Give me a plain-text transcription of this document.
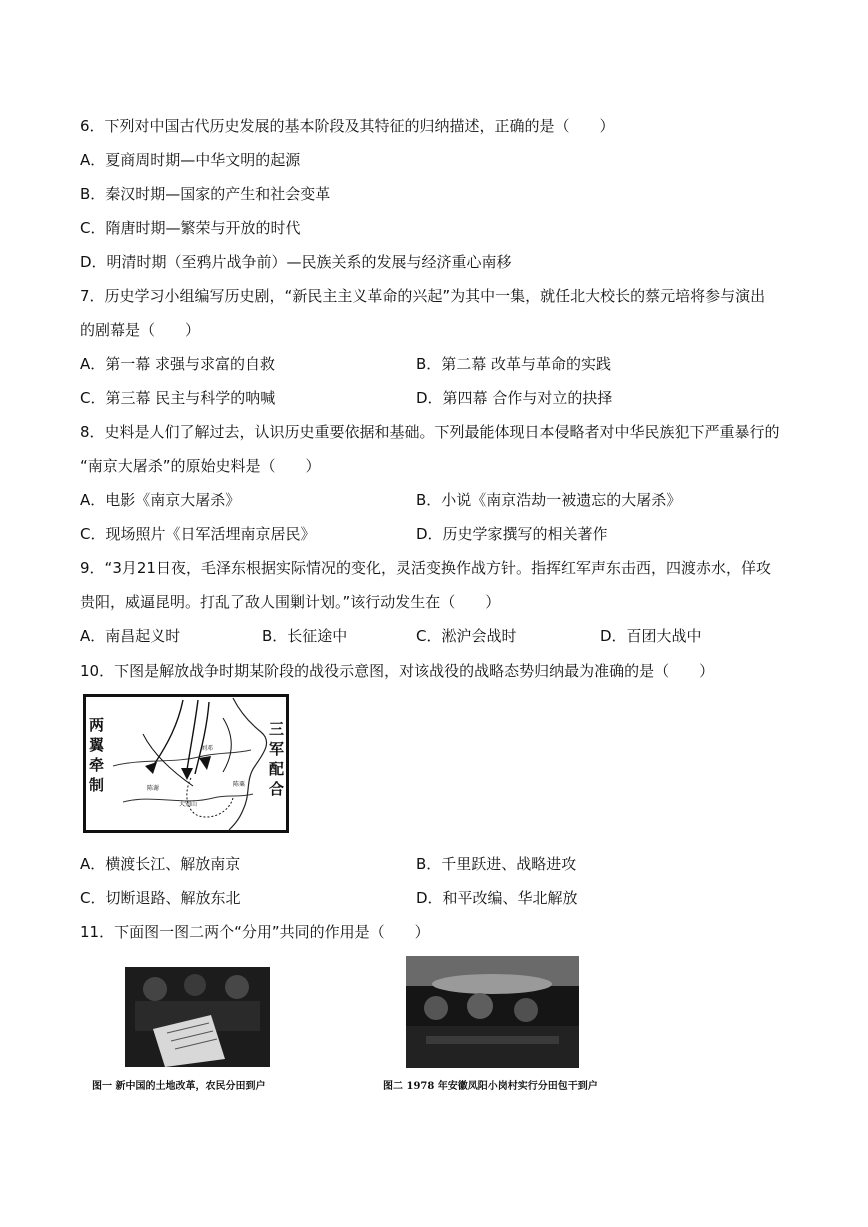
6．下列对中国古代历史发展的基本阶段及其特征的归纳描述，正确的是（　　）
A．夏商周时期—中华文明的起源
B．秦汉时期—国家的产生和社会变革
C．隋唐时期—繁荣与开放的时代
D．明清时期（至鸦片战争前）—民族关系的发展与经济重心南移
7．历史学习小组编写历史剧，“新民主主义革命的兴起”为其中一集，就任北大校长的蔡元培将参与演出
的剧幕是（　　）
A．第一幕 求强与求富的自救	B．第二幕 改革与革命的实践
C．第三幕 民主与科学的呐喊	D．第四幕 合作与对立的抉择
8．史料是人们了解过去，认识历史重要依据和基础。下列最能体现日本侵略者对中华民族犯下严重暴行的
“南京大屠杀”的原始史料是（　　）
A．电影《南京大屠杀》	B．小说《南京浩劫一被遗忘的大屠杀》
C．现场照片《日军活埋南京居民》	D．历史学家撰写的相关著作
9．“3月21日夜，毛泽东根据实际情况的变化，灵活变换作战方针。指挥红军声东击西，四渡赤水，佯攻
贵阳，威逼昆明。打乱了敌人围剿计划。”该行动发生在（　　）
A．南昌起义时	B．长征途中	C．淞沪会战时	D．百团大战中
10．下图是解放战争时期某阶段的战役示意图，对该战役的战略态势归纳最为准确的是（　　）
两
翼
牵
制
三
军
配
合
陈谢
刘邓
陈粟
大别山
A．横渡长江、解放南京	B．千里跃进、战略进攻
C．切断退路、解放东北	D．和平改编、华北解放
11．下面图一图二两个“分用”共同的作用是（　　）
图一 新中国的土地改革，农民分田到户	图二 1978 年安徽凤阳小岗村实行分田包干到户
